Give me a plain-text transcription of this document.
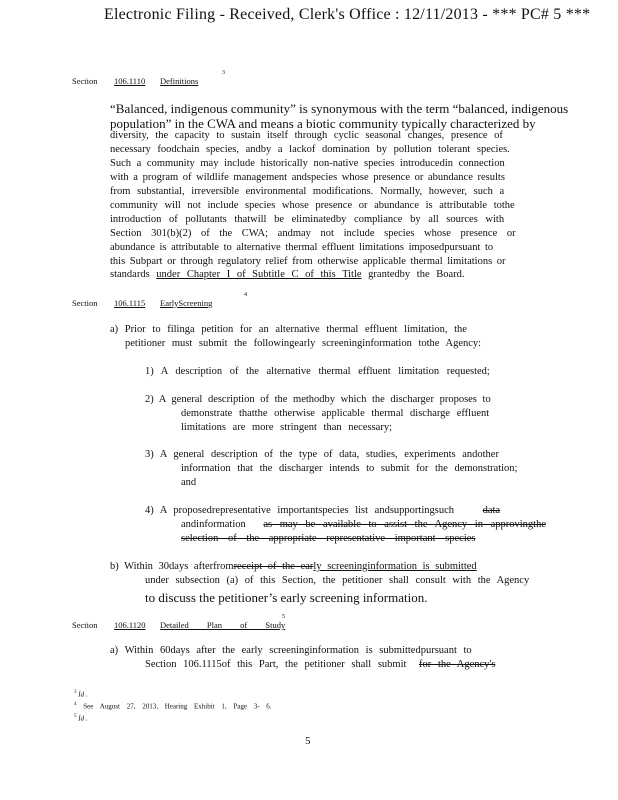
Electronic Filing - Received, Clerk's Office : 12/11/2013 - *** PC# 5 ***
Section 106.1110 Definitions
3
“Balanced, indigenous community” is synonymous with the term “balanced, indigenous
population” in the CWA and means a biotic community typically characterized by
diversity, the capacity to sustain itself through cyclic seasonal changes, presence of
necessary foodchain species, andby a lackof domination by pollution tolerant species.
Such a community may include historically non-native species introducedin connection
with a program of wildlife management andspecies whose presence or abundance results
from substantial, irreversible environmental modifications. Normally, however, such a
community will not include species whose presence or abundance is attributable tothe
introduction of pollutants thatwill be eliminatedby compliance by all sources with
Section 301(b)(2) of the CWA; andmay not include species whose presence or
abundance is attributable to alternative thermal effluent limitations imposedpursuant to
this Subpart or through regulatory relief from otherwise applicable thermal limitations or
standards under Chapter I of Subtitle C of this Title grantedby the Board.
Section 106.1115 EarlyScreening
4
a) Prior to filinga petition for an alternative thermal effluent limitation, the
petitioner must submit the followingearly screeninginformation tothe Agency:
1) A description of the alternative thermal effluent limitation requested;
2) A general description of the methodby which the discharger proposes to
demonstrate thatthe otherwise applicable thermal discharge effluent
limitations are more stringent than necessary;
3) A general description of the type of data, studies, experiments andother
information that the discharger intends to submit for the demonstration;
and
4) A proposedrepresentative importantspecies list andsupportingsuch	data
andinformation as may be available to assist the Agency in approvingthe
selection of the appropriate representative important species
b) Within 30days afterfromreceipt of the early screeninginformation is submitted
under subsection (a) of this Section, the petitioner shall consult with the Agency
to discuss the petitioner’s early screening information.
Section 106.1120 Detailed Plan of Study
5
a) Within 60days after the early screeninginformation is submittedpursuant to
Section 106.1115of this Part, the petitioner shall submit for the Agency's
$^3$ Id .
$^4$ See August 27, 2013, Hearing Exhibit 1, Page 3- 6.
$^5$ Id .
5
